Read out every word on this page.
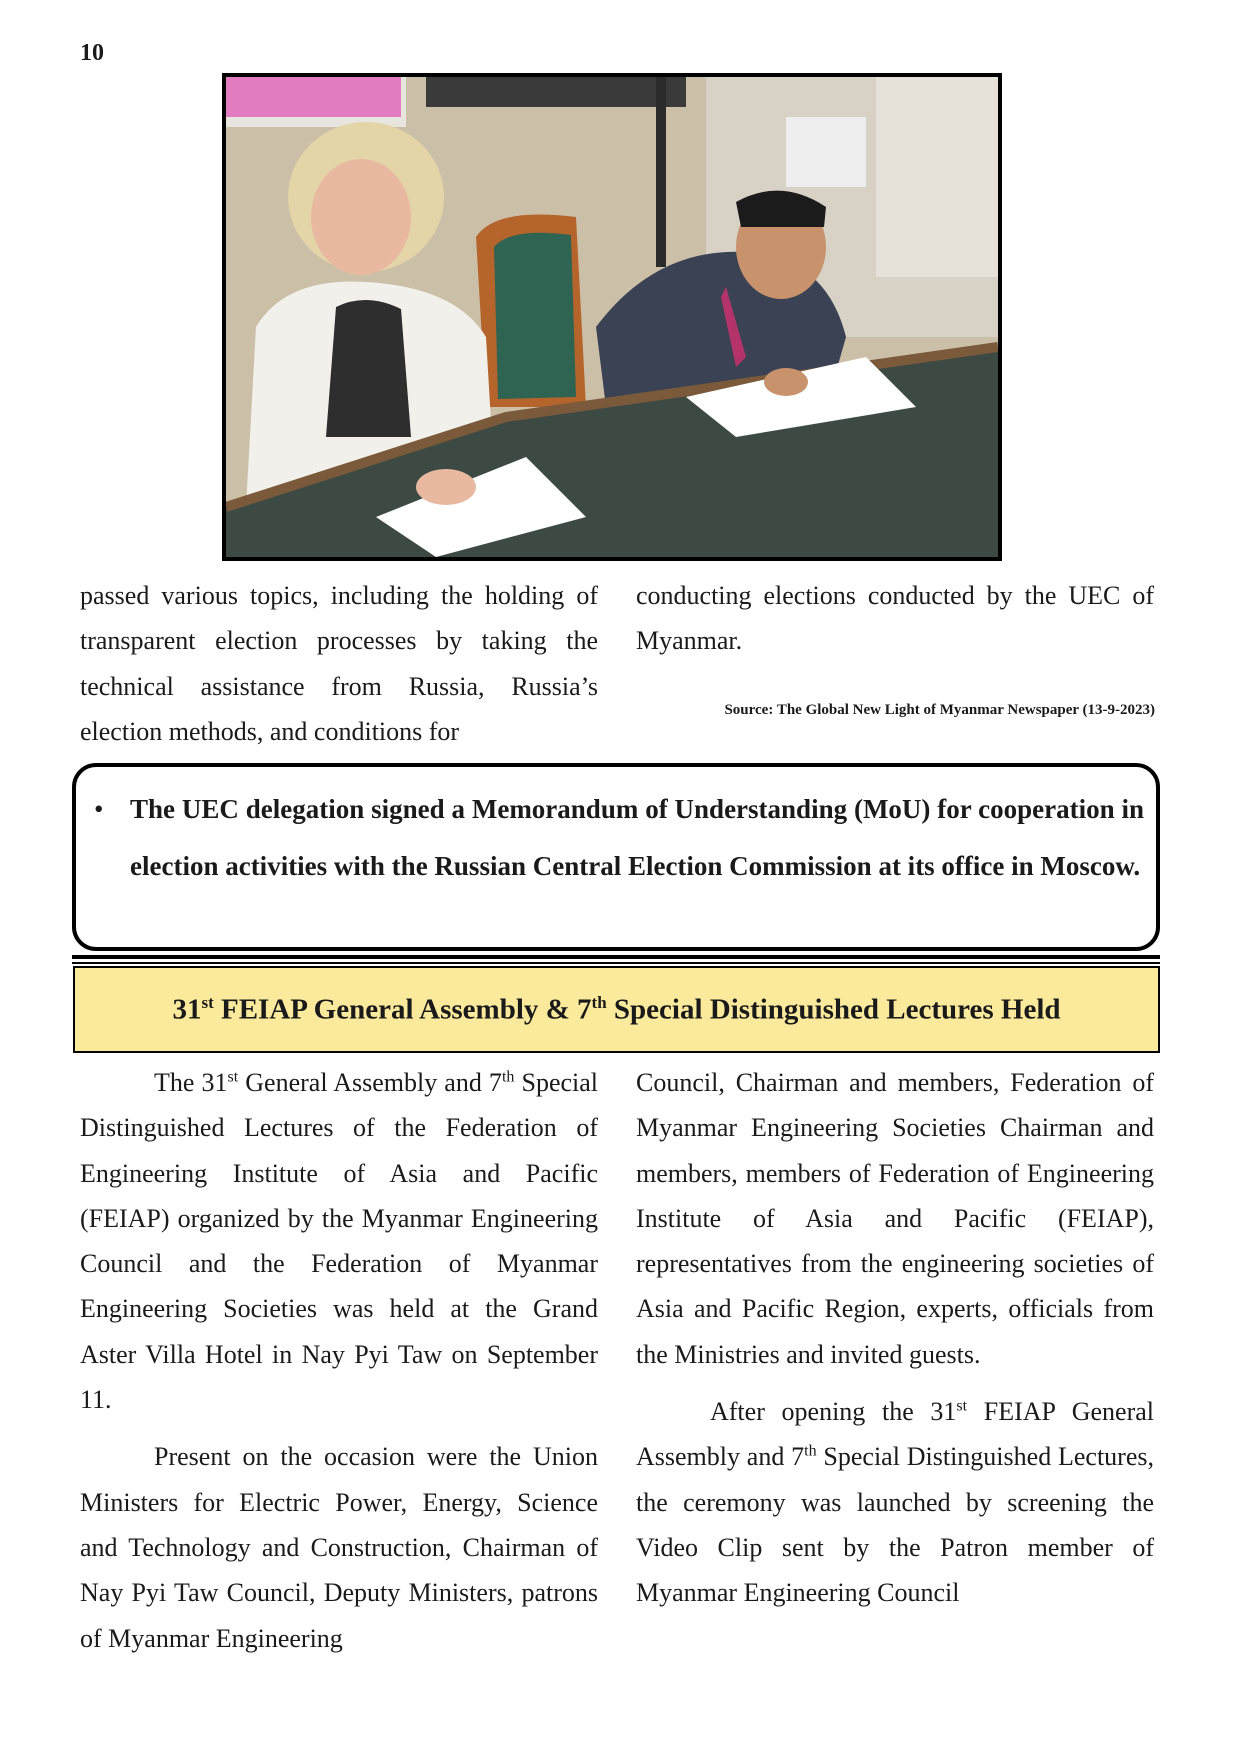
10

passed various topics, including the holding of transparent election processes by taking the technical assistance from Russia, Russia’s election methods, and conditions for

conducting elections conducted by the UEC of Myanmar.

Source: The Global New Light of Myanmar Newspaper (13-9-2023)
• The UEC delegation signed a Memorandum of Understanding (MoU) for cooperation in election activities with the Russian Central Election Commission at its office in Moscow.
31st FEIAP General Assembly & 7th Special Distinguished Lectures Held

The 31st General Assembly and 7th Special Distinguished Lectures of the Federation of Engineering Institute of Asia and Pacific (FEIAP) organized by the Myanmar Engineering Council and the Federation of Myanmar Engineering Societies was held at the Grand Aster Villa Hotel in Nay Pyi Taw on September 11.

Present on the occasion were the Union Ministers for Electric Power, Energy, Science and Technology and Construction, Chairman of Nay Pyi Taw Council, Deputy Ministers, patrons of Myanmar Engineering

Council, Chairman and members, Federation of Myanmar Engineering Societies Chairman and members, members of Federation of Engineering Institute of Asia and Pacific (FEIAP), representatives from the engineering societies of Asia and Pacific Region, experts, officials from the Ministries and invited guests.

After opening the 31st FEIAP General Assembly and 7th Special Distinguished Lectures, the ceremony was launched by screening the Video Clip sent by the Patron member of Myanmar Engineering Council
